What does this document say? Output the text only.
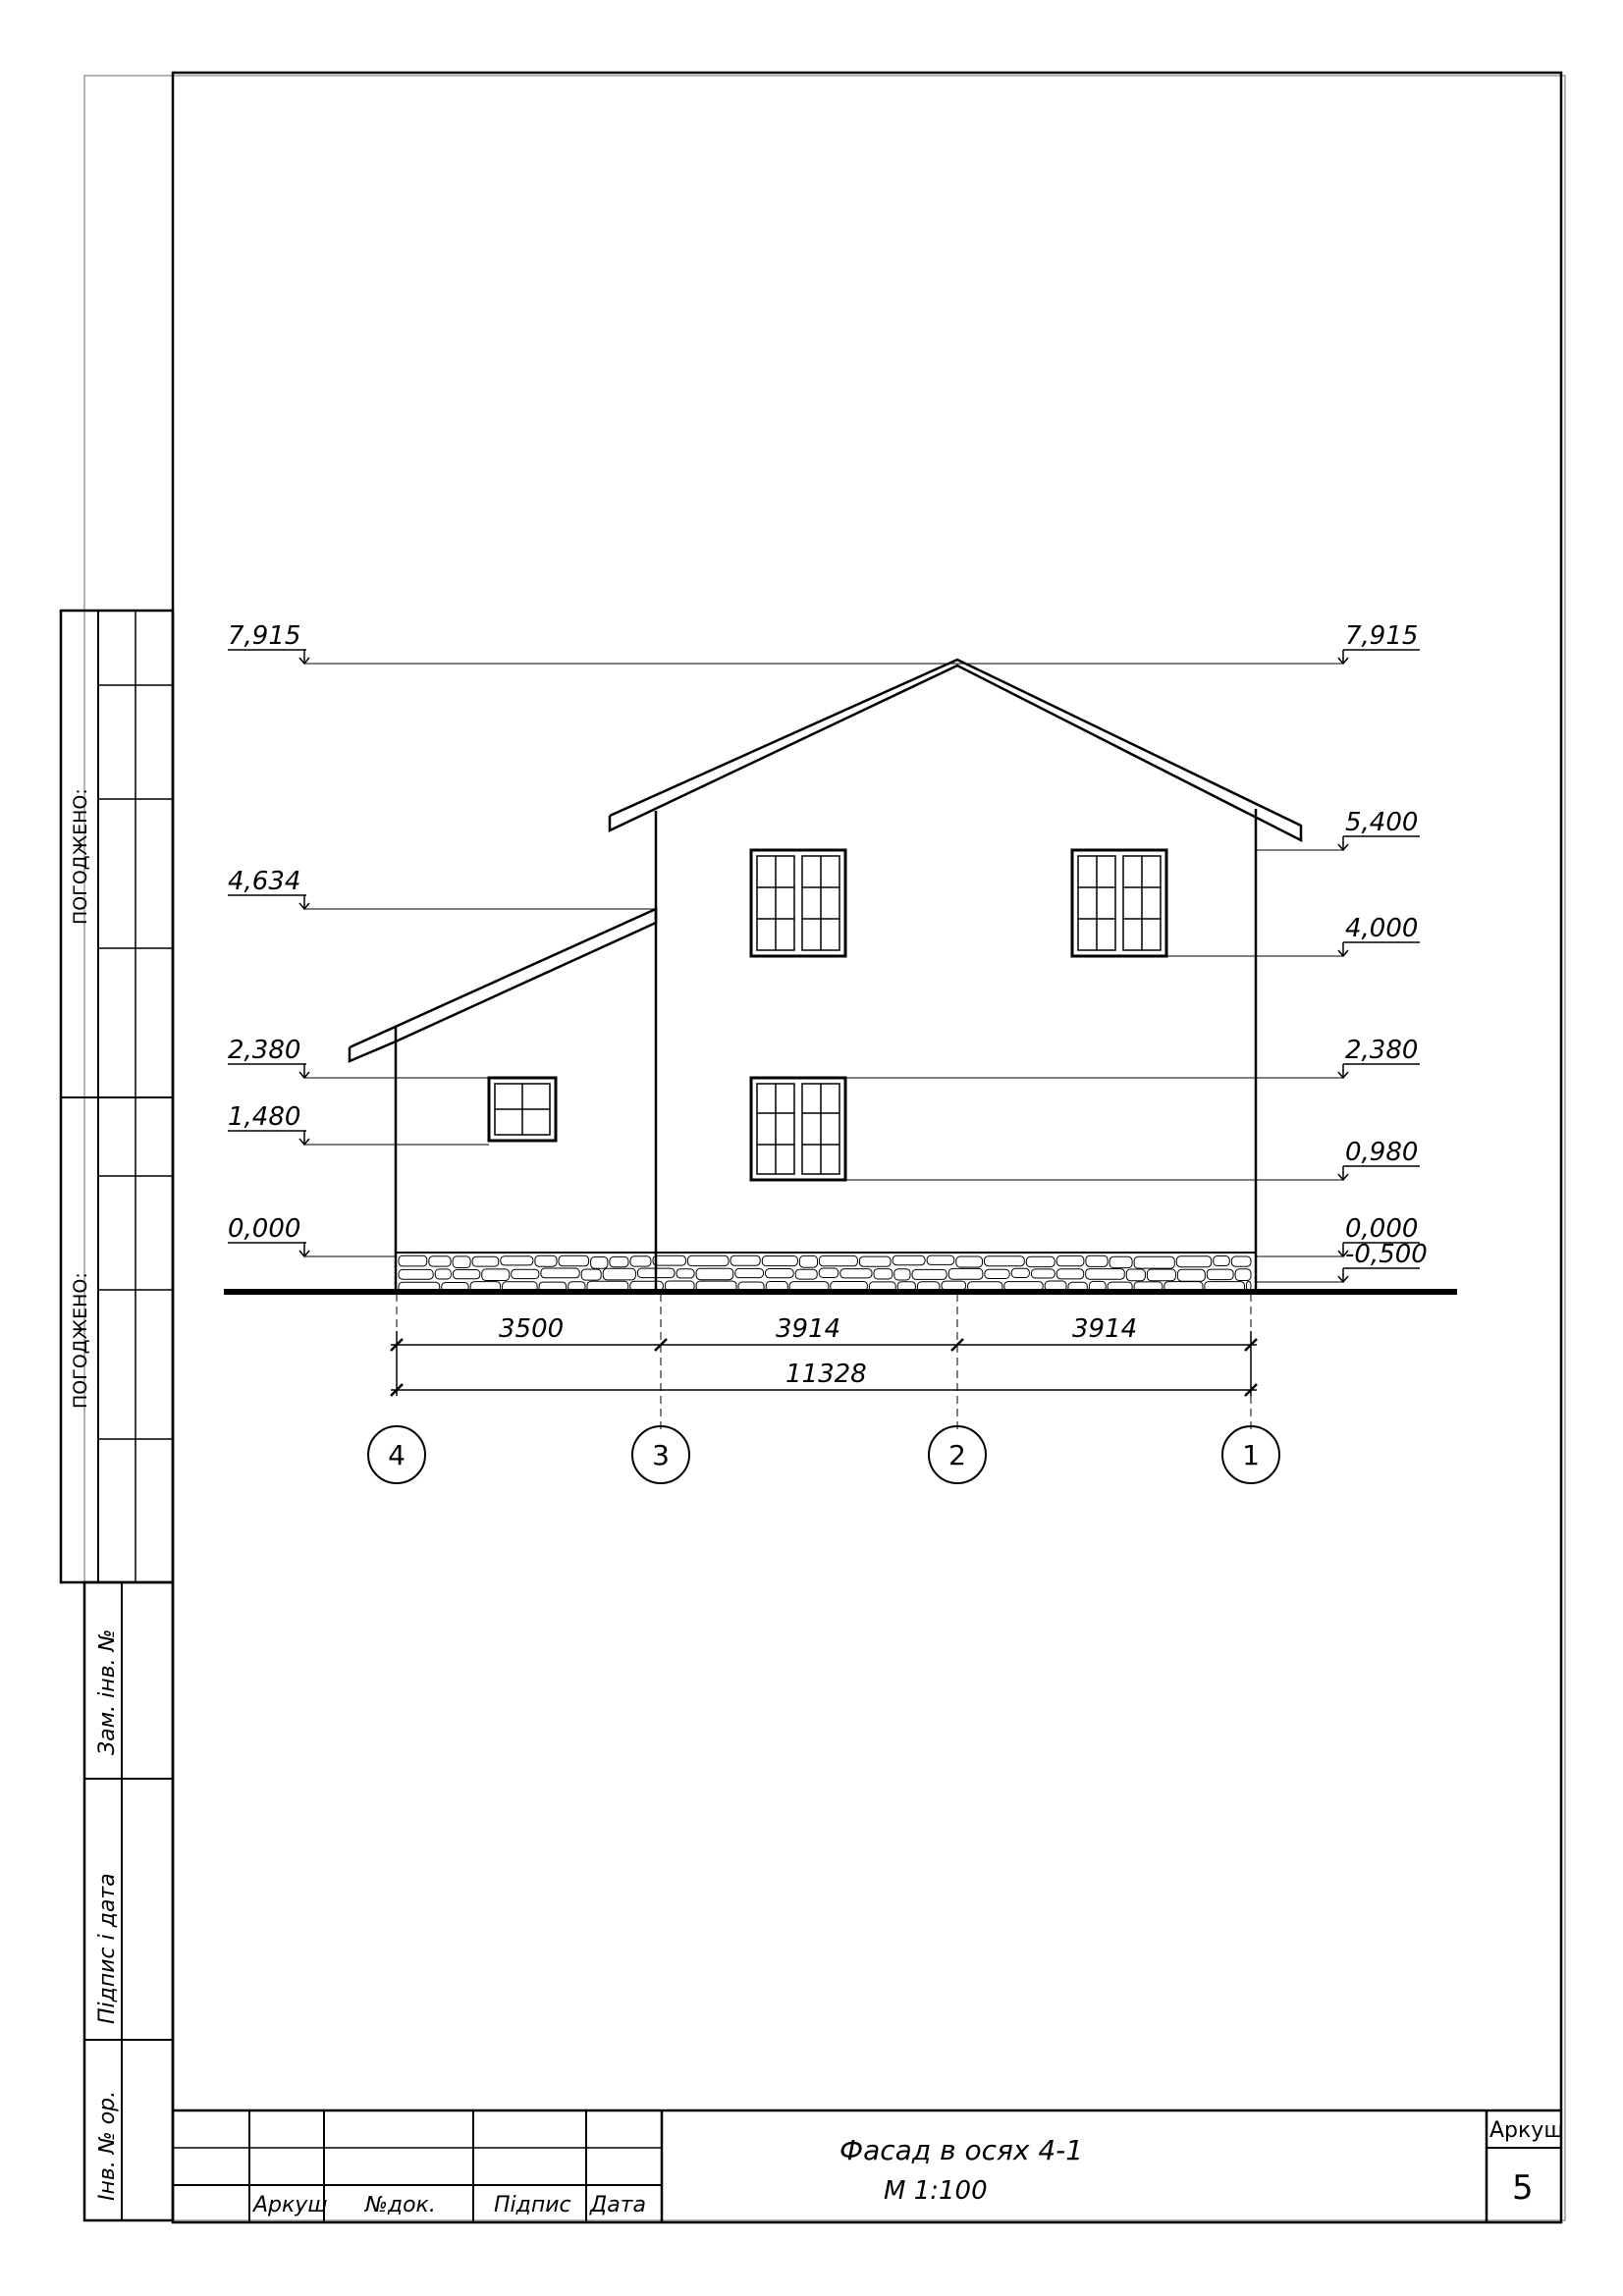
ПОГОДЖЕНО:
ПОГОДЖЕНО:
Зам. інв. №
Підпис і дата
Інв. № ор.
Аркуш №док.	Підпис Дата
Фасад в осях 4-1
М 1:100
Аркуш
5
7,915
4,634
2,380
1,480
0,000
7,915
5,400
4,000
2,380
0,980
0,000
-0,500
3500	3914	3914
11328
4	3	2	1
